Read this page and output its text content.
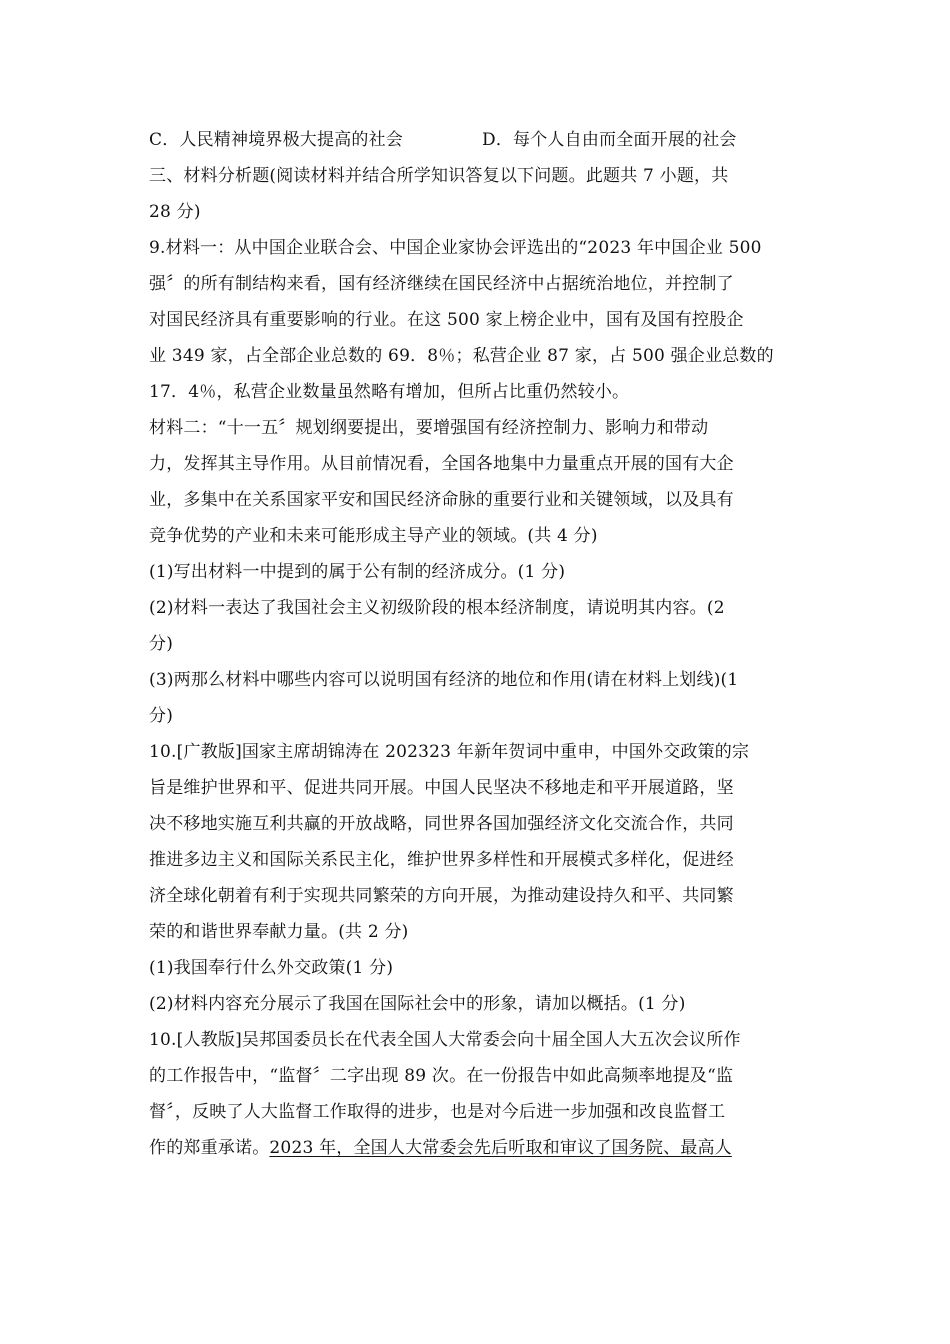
C．人民精神境界极大提高的社会	D．每个人自由而全面开展的社会
三、材料分析题(阅读材料并结合所学知识答复以下问题。此题共 7 小题，共
28 分)
9.材料一：从中国企业联合会、中国企业家协会评选出的“2023 年中国企业 500
强〞的所有制结构来看，国有经济继续在国民经济中占据统治地位，并控制了
对国民经济具有重要影响的行业。在这 500 家上榜企业中，国有及国有控股企
业 349 家，占全部企业总数的 69．8％；私营企业 87 家，占 500 强企业总数的
17．4％，私营企业数量虽然略有增加，但所占比重仍然较小。
材料二：“十一五〞规划纲要提出，要增强国有经济控制力、影响力和带动
力，发挥其主导作用。从目前情况看，全国各地集中力量重点开展的国有大企
业，多集中在关系国家平安和国民经济命脉的重要行业和关键领域，以及具有
竞争优势的产业和未来可能形成主导产业的领域。(共 4 分)
(1)写出材料一中提到的属于公有制的经济成分。(1 分)
(2)材料一表达了我国社会主义初级阶段的根本经济制度，请说明其内容。(2
分)
(3)两那么材料中哪些内容可以说明国有经济的地位和作用(请在材料上划线)(1
分)
10.[广教版]国家主席胡锦涛在 202323 年新年贺词中重申，中国外交政策的宗
旨是维护世界和平、促进共同开展。中国人民坚决不移地走和平开展道路，坚
决不移地实施互利共赢的开放战略，同世界各国加强经济文化交流合作，共同
推进多边主义和国际关系民主化，维护世界多样性和开展模式多样化，促进经
济全球化朝着有利于实现共同繁荣的方向开展，为推动建设持久和平、共同繁
荣的和谐世界奉献力量。(共 2 分)
(1)我国奉行什么外交政策(1 分)
(2)材料内容充分展示了我国在国际社会中的形象，请加以概括。(1 分)
10.[人教版]吴邦国委员长在代表全国人大常委会向十届全国人大五次会议所作
的工作报告中，“监督〞二字出现 89 次。在一份报告中如此高频率地提及“监
督〞，反映了人大监督工作取得的进步，也是对今后进一步加强和改良监督工
作的郑重承诺。2023 年，全国人大常委会先后听取和审议了国务院、最高人
